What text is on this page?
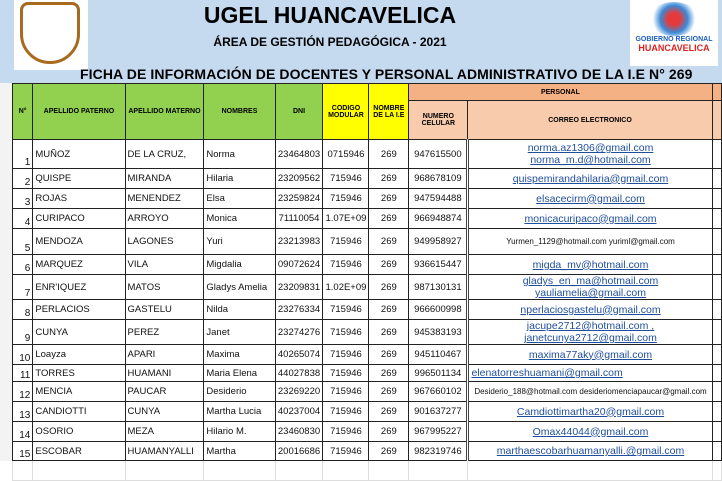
UGEL HUANCAVELICA
ÁREA DE GESTIÓN PEDAGÓGICA - 2021	GOBIERNO REGIONAL
HUANCAVELICA
FICHA DE INFORMACIÓN DE DOCENTES Y PERSONAL ADMINISTRATIVO DE LA I.E N° 269
N°	APELLIDO PATERNO	APELLIDO MATERNO	NOMBRES	DNI	CODIGO MODULAR	NOMBRE DE LA I.E	PERSONAL		
							NUMERO CELULAR	CORREO ELECTRONICO	
1	MUÑOZ	DE LA CRUZ,	Norma	23464803	0715946	269	947615500	norma.az1306@gmail.com
norma_m.d@hotmail.com	

2	QUISPE	MIRANDA	Hilaria	23209562	715946	269	968678109	quispemirandahilaria@gmail.com	
3	ROJAS	MENENDEZ	Elsa	23259824	715946	269	947594488	elsacecirm@gmail.com	
4	CURIPACO	ARROYO	Monica	71110054	1.07E+09	269	966948874	monicacuripaco@gmail.com	
5	MENDOZA	LAGONES	Yuri	23213983	715946	269	949958927	Yurmen_1129@hotmail.com yuriml@gmail.com	
6	MARQUEZ	VILA	Migdalia	09072624	715946	269	936615447	migda_mv@hotmail.com	
7	ENR'IQUEZ	MATOS	Gladys Amelia	23209831	1.02E+09	269	987130131	gladys_en_ma@hotmail.com
yauliamelia@gmail.com	

8	PERLACIOS	GASTELU	Nilda	23276334	715946	269	966600998	nperlaciosgastelu@gmail.com	
9	CUNYA	PEREZ	Janet	23274276	715946	269	945383193	jacupe2712@hotmail.com ,
janetcunya2712@gmail.com	

10	Loayza	APARI	Maxima	40265074	715946	269	945110467	maxima77aky@gmail.com	
11	TORRES	HUAMANI	Maria Elena	44027838	715946	269	996501134	elenatorreshuamani@gmail.com	
12	MENCIA	PAUCAR	Desiderio	23269220	715946	269	967660102	Desiderio_188@hotmail.com desideriomenciapaucar@gmail.com	
13	CANDIOTTI	CUNYA	Martha Lucia	40237004	715946	269	901637277	Camdiottimartha20@gmail.com	
14	OSORIO	MEZA	Hilario M.	23460830	715946	269	967995227	Omax44044@gmail.com	
15	ESCOBAR	HUAMANYALLI	Martha	20016686	715946	269	982319746	marthaescobarhuamanyalli.@gmail.com	
